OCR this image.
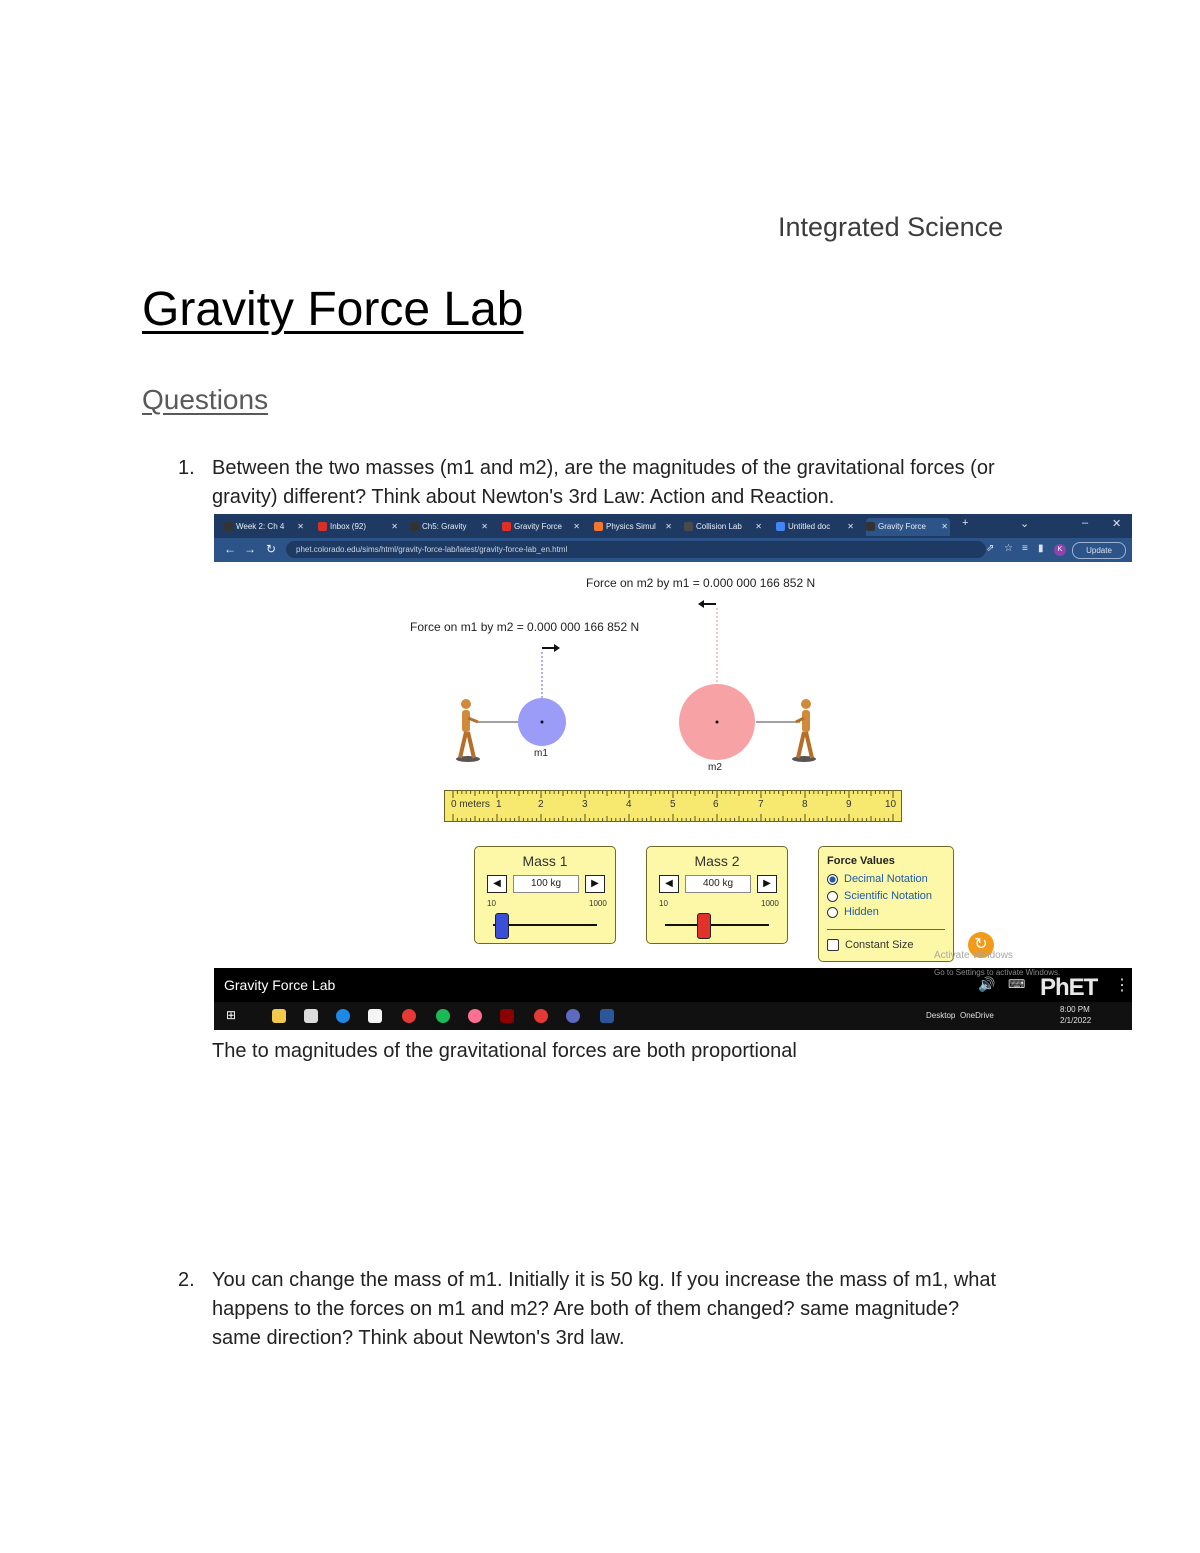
Integrated Science
Gravity Force Lab
Questions
1. Between the two masses (m1 and m2), are the magnitudes of the gravitational forces (or
gravity) different? Think about Newton's 3rd Law: Action and Reaction.
Week 2: Ch 4 ✕	Inbox (92)	✕	Ch5: Gravity ✕	Gravity Force ✕	Physics Simul ✕	Collision Lab ✕	Untitled doc ✕	Gravity Force ✕ +	⌄	– ✕
← → ↻	phet.colorado.edu/sims/html/gravity-force-lab/latest/gravity-force-lab_en.html	⇗ ☆ ≡ ▮	K	Update
Force on m2 by m1 = 0.000 000 166 852 N
Force on m1 by m2 = 0.000 000 166 852 N
m1
m2
0 meters 1	2	3	4	5	6	7	8	9	10
Mass 1
◀	100 kg	▶
10	1000
Mass 2
◀	400 kg	▶
10	1000
Force Values
Decimal Notation
Scientific Notation
Hidden
Constant Size	↻
Activate Windows
Gravity Force Lab	🔊 ⌨ PhET ⋮
Go to Settings to activate Windows.
⊞	Desktop OneDrive
8:00 PM
2/1/2022
The to magnitudes of the gravitational forces are both proportional
2. You can change the mass of m1. Initially it is 50 kg. If you increase the mass of m1, what
happens to the forces on m1 and m2? Are both of them changed? same magnitude?
same direction? Think about Newton's 3rd law.
